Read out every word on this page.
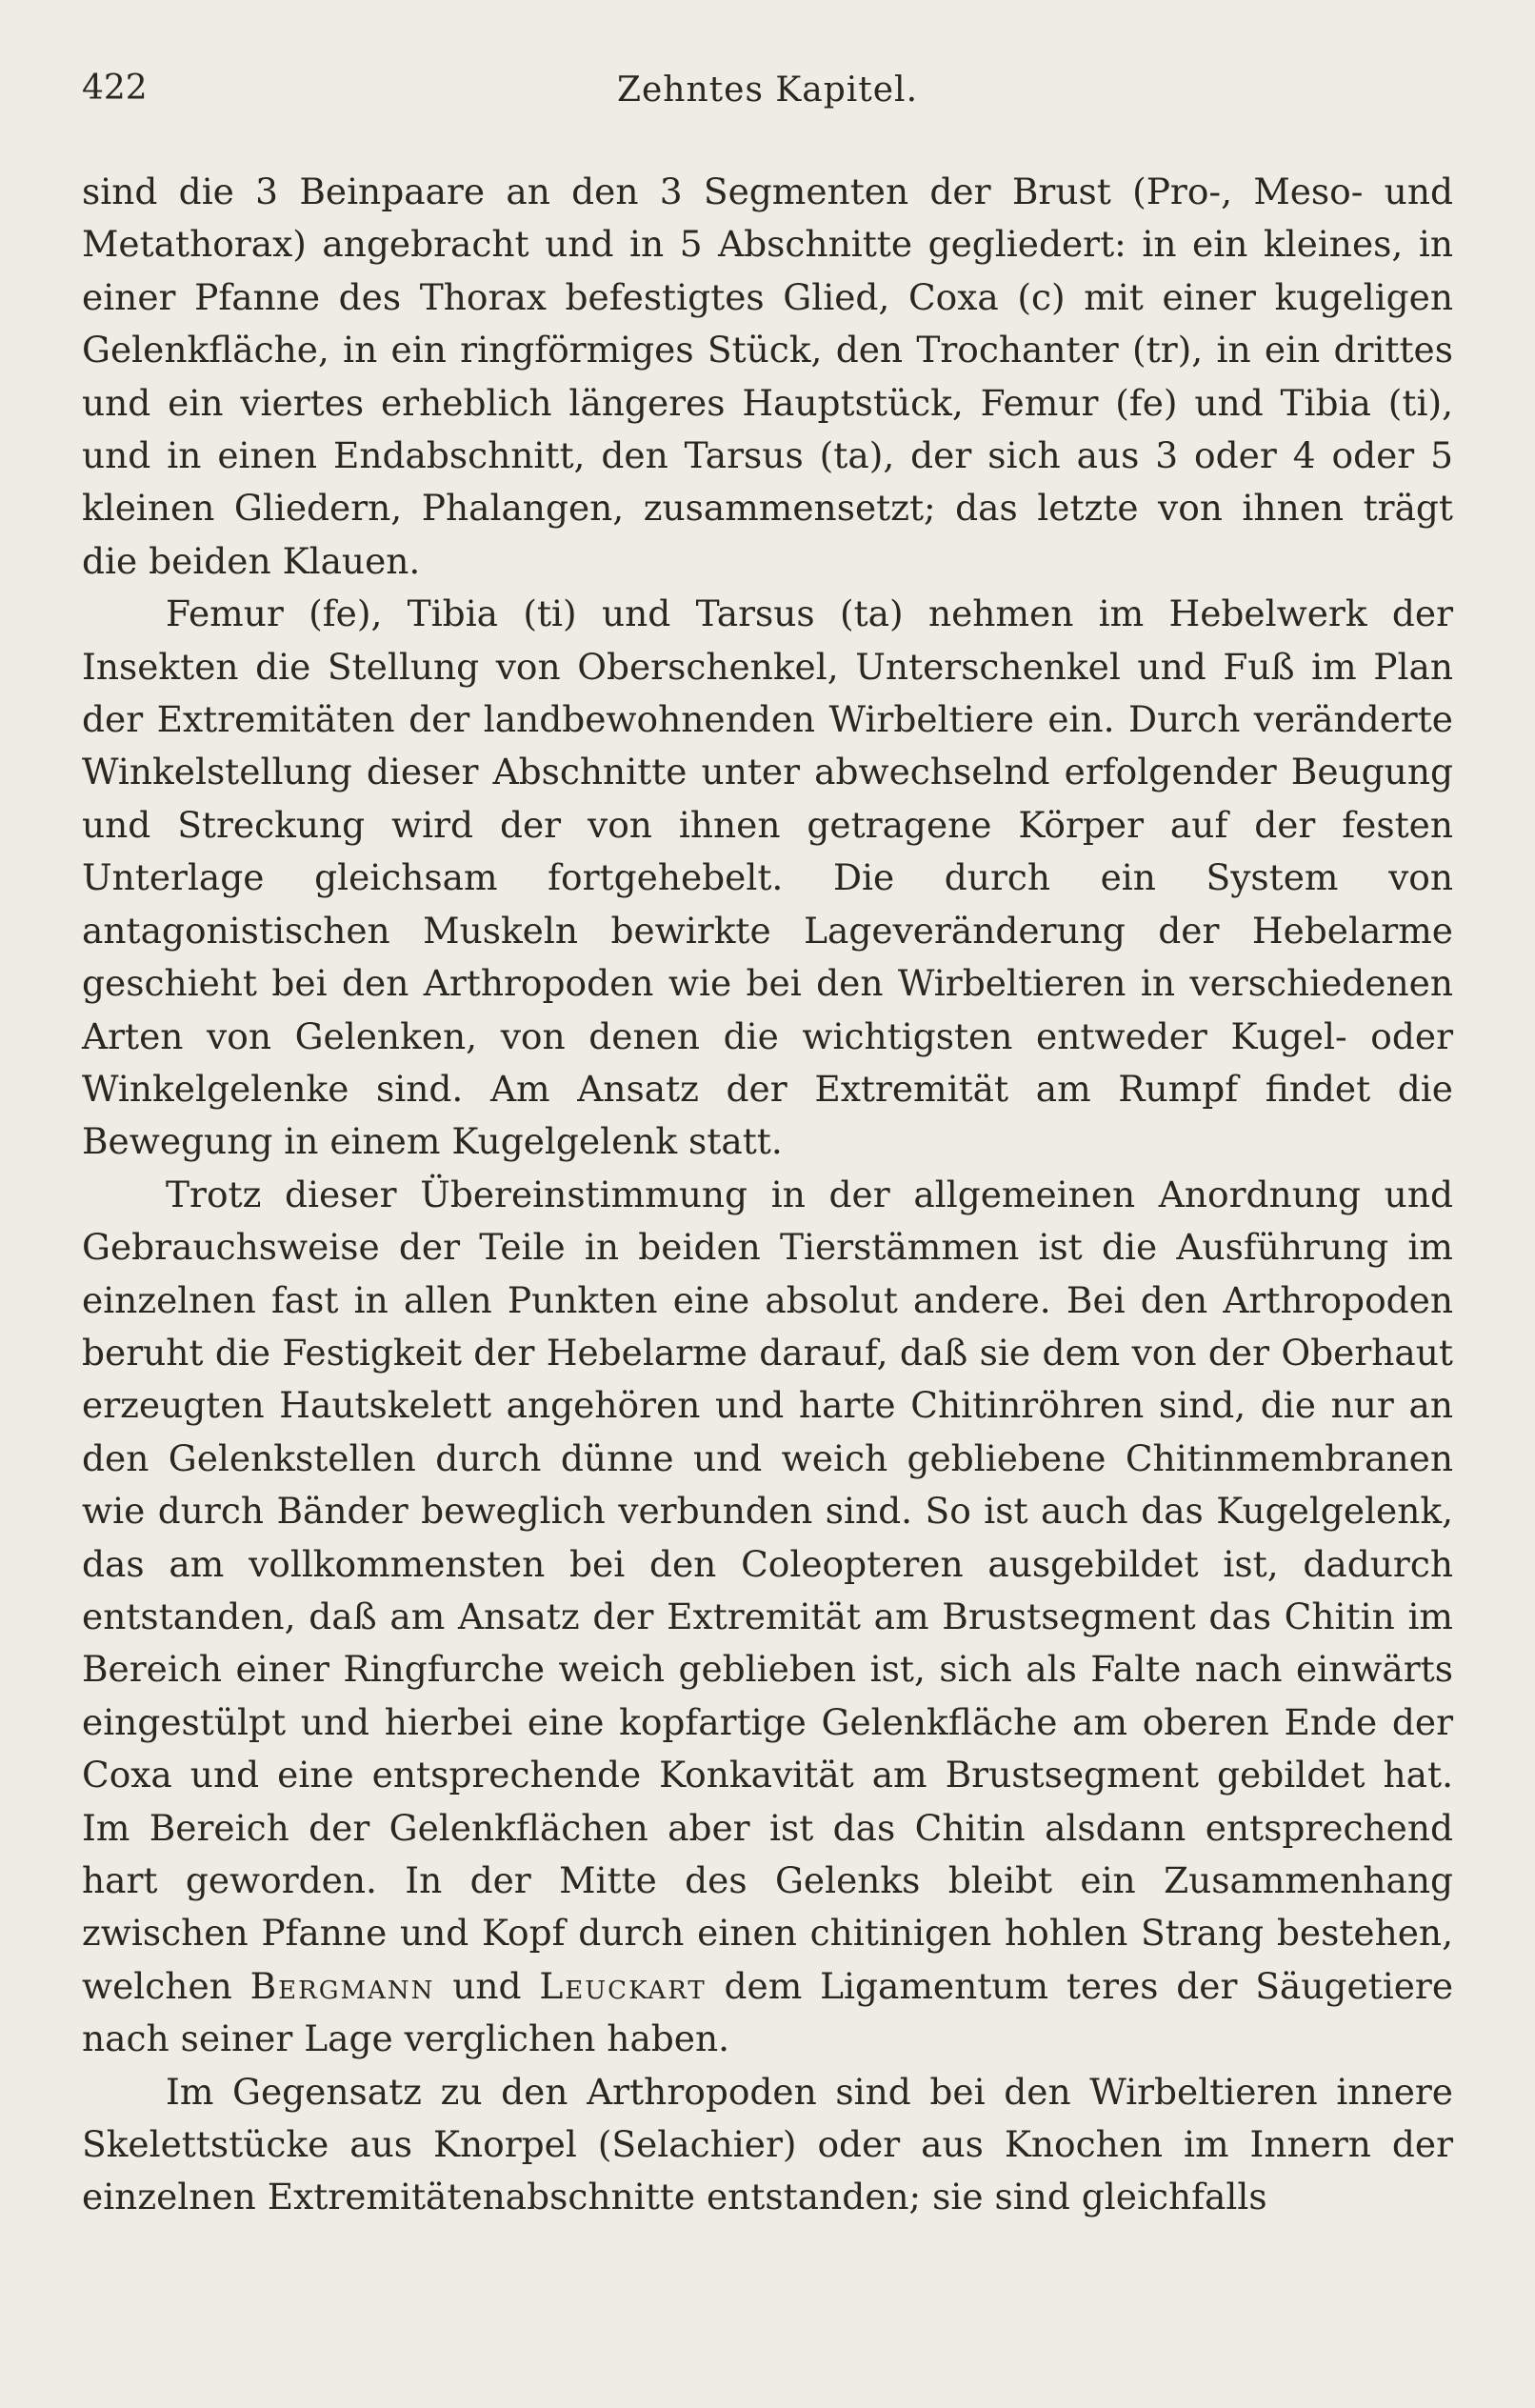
422	Zehntes Kapitel.

sind die 3 Beinpaare an den 3 Segmenten der Brust (Pro-, Meso- und Metathorax) angebracht und in 5 Abschnitte gegliedert: in ein kleines, in einer Pfanne des Thorax befestigtes Glied, Coxa (c) mit einer kugeligen Gelenkfläche, in ein ringförmiges Stück, den Trochanter (tr), in ein drittes und ein viertes erheblich längeres Hauptstück, Femur (fe) und Tibia (ti), und in einen Endabschnitt, den Tarsus (ta), der sich aus 3 oder 4 oder 5 kleinen Gliedern, Phalangen, zusammensetzt; das letzte von ihnen trägt die beiden Klauen.

Femur (fe), Tibia (ti) und Tarsus (ta) nehmen im Hebelwerk der Insekten die Stellung von Oberschenkel, Unterschenkel und Fuß im Plan der Extremitäten der landbewohnenden Wirbeltiere ein. Durch veränderte Winkelstellung dieser Abschnitte unter abwechselnd erfolgender Beugung und Streckung wird der von ihnen getragene Körper auf der festen Unterlage gleichsam fortgehebelt. Die durch ein System von antagonistischen Muskeln bewirkte Lageveränderung der Hebelarme geschieht bei den Arthropoden wie bei den Wirbeltieren in verschiedenen Arten von Gelenken, von denen die wichtigsten entweder Kugel- oder Winkelgelenke sind. Am Ansatz der Extremität am Rumpf findet die Bewegung in einem Kugelgelenk statt.

Trotz dieser Übereinstimmung in der allgemeinen Anordnung und Gebrauchsweise der Teile in beiden Tierstämmen ist die Ausführung im einzelnen fast in allen Punkten eine absolut andere. Bei den Arthropoden beruht die Festigkeit der Hebelarme darauf, daß sie dem von der Oberhaut erzeugten Hautskelett angehören und harte Chitinröhren sind, die nur an den Gelenkstellen durch dünne und weich gebliebene Chitinmembranen wie durch Bänder beweglich verbunden sind. So ist auch das Kugelgelenk, das am vollkommensten bei den Coleopteren ausgebildet ist, dadurch entstanden, daß am Ansatz der Extremität am Brustsegment das Chitin im Bereich einer Ringfurche weich geblieben ist, sich als Falte nach einwärts eingestülpt und hierbei eine kopfartige Gelenkfläche am oberen Ende der Coxa und eine entsprechende Konkavität am Brustsegment gebildet hat. Im Bereich der Gelenkflächen aber ist das Chitin alsdann entsprechend hart geworden. In der Mitte des Gelenks bleibt ein Zusammenhang zwischen Pfanne und Kopf durch einen chitinigen hohlen Strang bestehen, welchen Bergmann und Leuckart dem Ligamentum teres der Säugetiere nach seiner Lage verglichen haben.

Im Gegensatz zu den Arthropoden sind bei den Wirbeltieren innere Skelettstücke aus Knorpel (Selachier) oder aus Knochen im Innern der einzelnen Extremitätenabschnitte entstanden; sie sind gleichfalls
